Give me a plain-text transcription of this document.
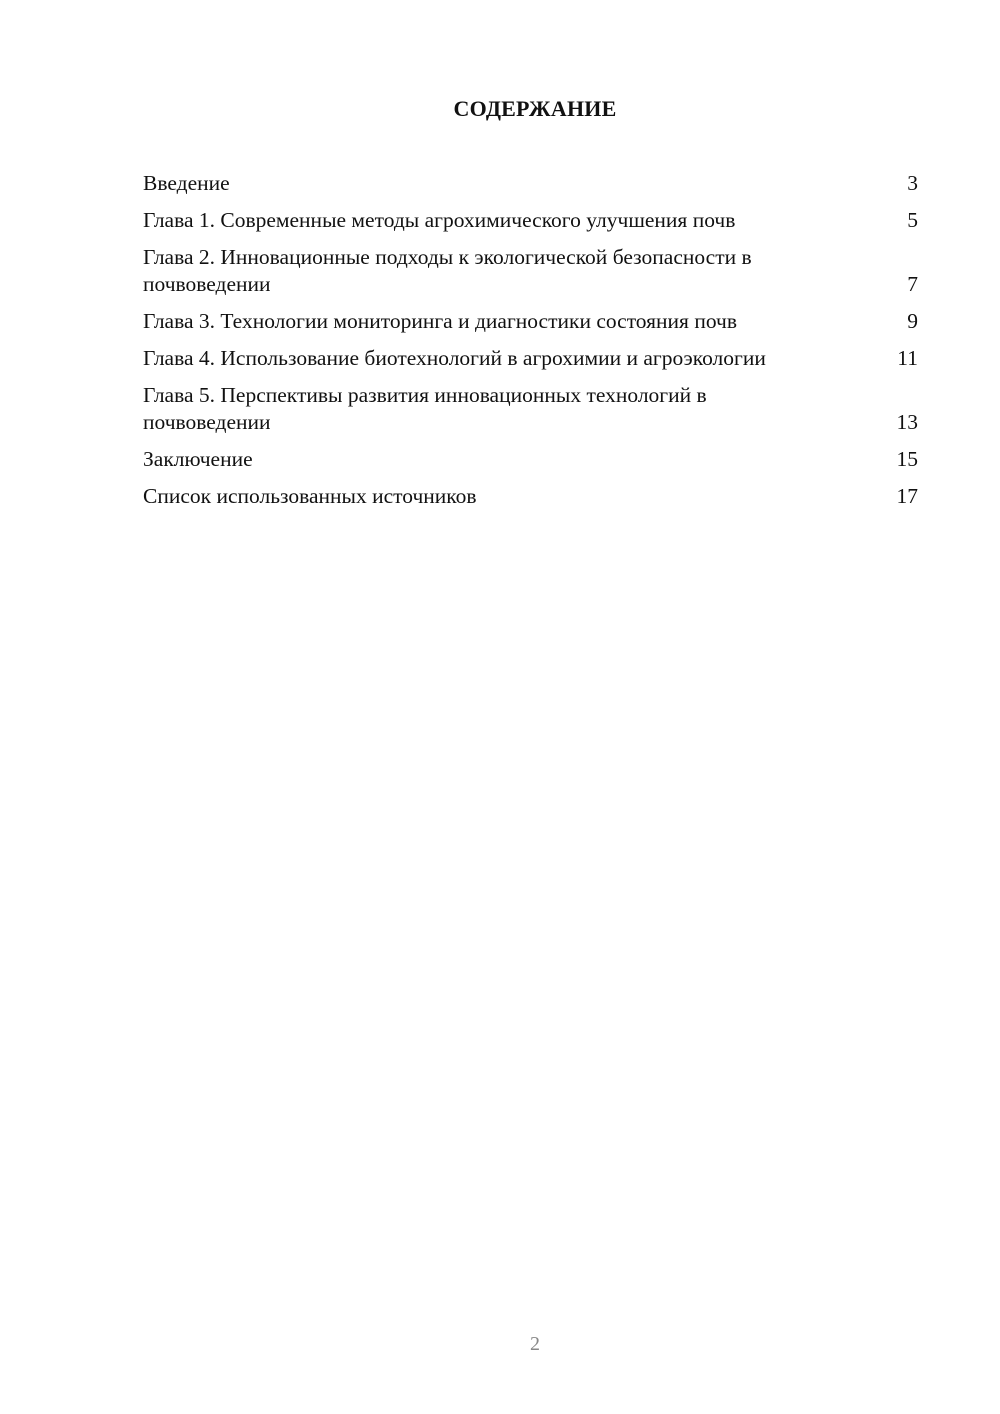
СОДЕРЖАНИЕ
Введение	3
Глава 1. Современные методы агрохимического улучшения почв	5
Глава 2. Инновационные подходы к экологической безопасности в почвоведении	7
Глава 3. Технологии мониторинга и диагностики состояния почв	9
Глава 4. Использование биотехнологий в агрохимии и агроэкологии	11
Глава 5. Перспективы развития инновационных технологий в почвоведении	13
Заключение	15
Список использованных источников	17
2
